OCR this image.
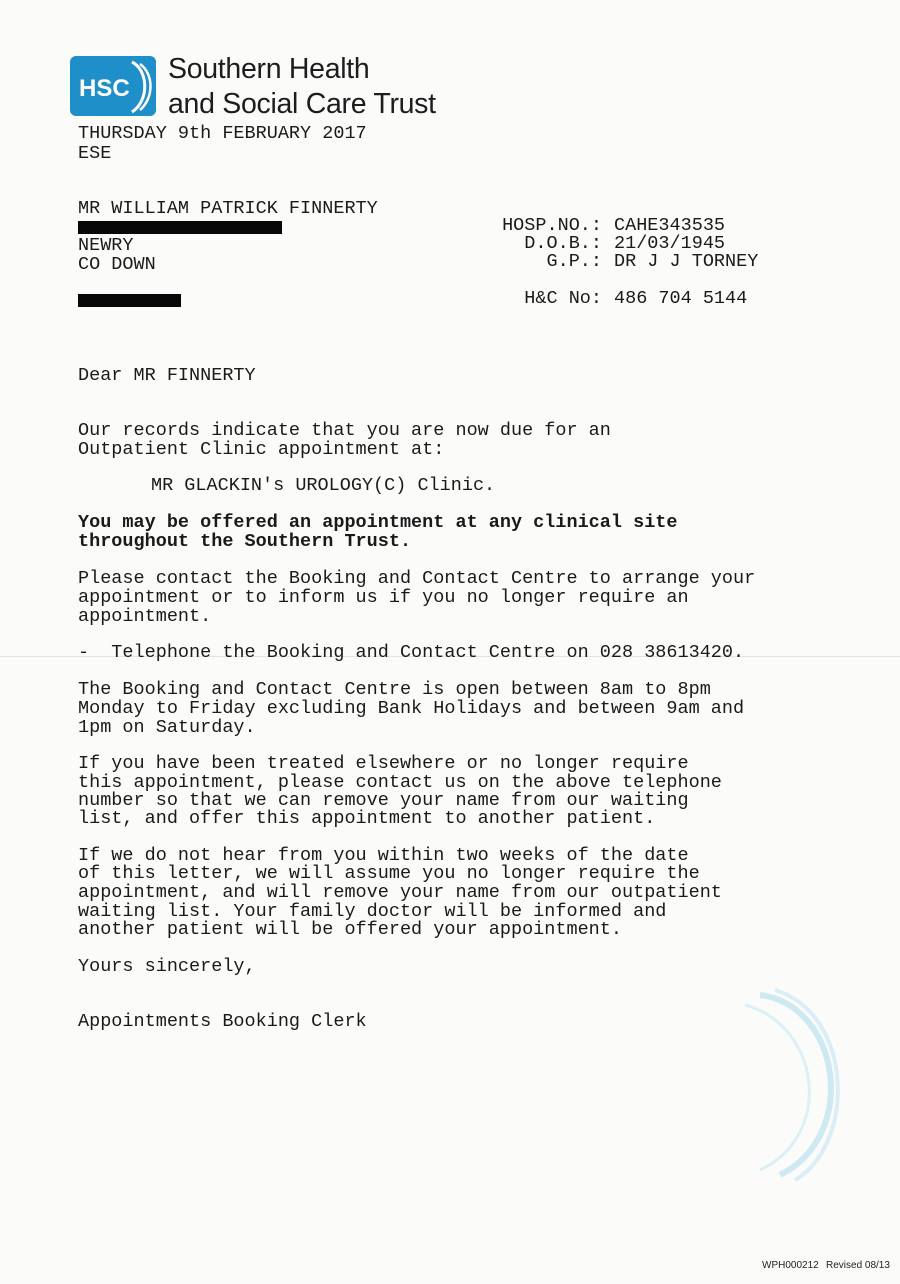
HSC
Southern Health
and Social Care Trust

THURSDAY 9th FEBRUARY 2017

ESE

MR WILLIAM PATRICK FINNERTY

NEWRY

CO DOWN

HOSP.NO.: CAHE343535

D.O.B.: 21/03/1945

G.P.: DR J J TORNEY

H&C No: 486 704 5144

Dear MR FINNERTY

Our records indicate that you are now due for an

Outpatient Clinic appointment at:

MR GLACKIN's UROLOGY(C) Clinic.

You may be offered an appointment at any clinical site

throughout the Southern Trust.

Please contact the Booking and Contact Centre to arrange your

appointment or to inform us if you no longer require an

appointment.

-  Telephone the Booking and Contact Centre on 028 38613420.

The Booking and Contact Centre is open between 8am to 8pm

Monday to Friday excluding Bank Holidays and between 9am and

1pm on Saturday.

If you have been treated elsewhere or no longer require

this appointment, please contact us on the above telephone

number so that we can remove your name from our waiting

list, and offer this appointment to another patient.

If we do not hear from you within two weeks of the date

of this letter, we will assume you no longer require the

appointment, and will remove your name from our outpatient

waiting list. Your family doctor will be informed and

another patient will be offered your appointment.

Yours sincerely,

Appointments Booking Clerk

WPH000212 Revised 08/13
